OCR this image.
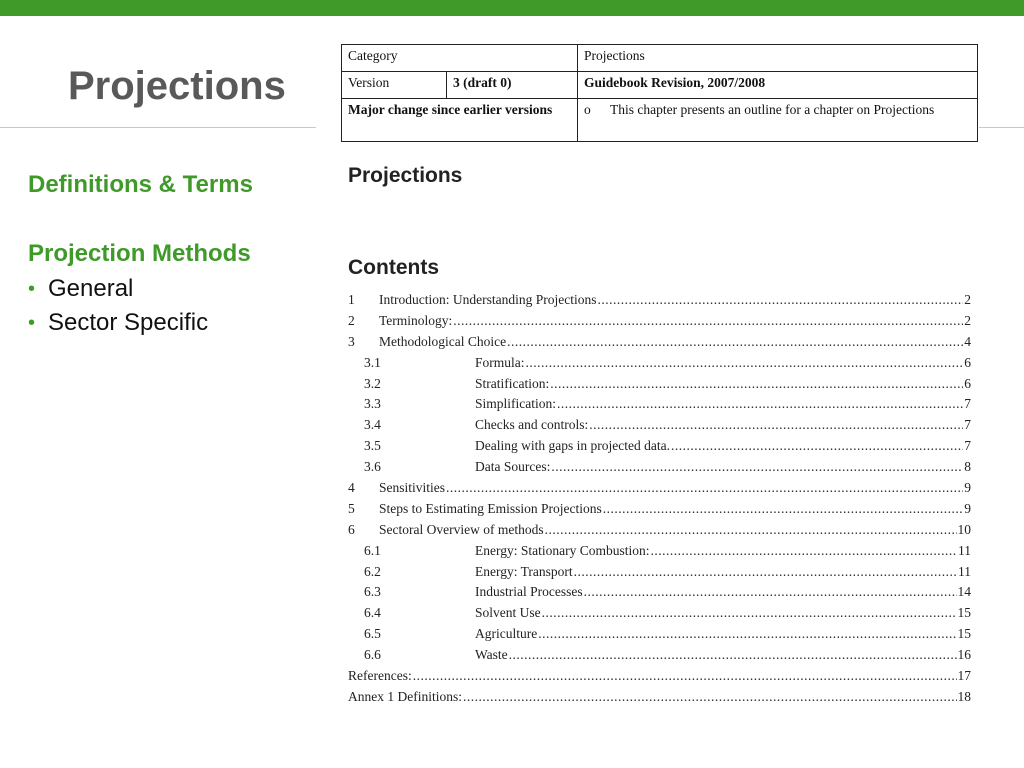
Projections

Definitions & Terms

Projection Methods

• General
• Sector Specific
Category		Projections
Version	3 (draft 0)	Guidebook Revision, 2007/2008
Major change since earlier versions		o This chapter presents an outline for a chapter on Projections
Projections
Contents
1	Introduction: Understanding Projections .....	2
2	Terminology: .....	2
3	Methodological Choice .....	4
3.1	Formula: .....	6
3.2	Stratification: .....	6
3.3	Simplification: .....	7
3.4	Checks and controls: .....	7
3.5	Dealing with gaps in projected data. .....	7
3.6	Data Sources: .....	8
4	Sensitivities .....	9
5	Steps to Estimating Emission Projections .....	9
6	Sectoral Overview of methods .....	10
6.1	Energy: Stationary Combustion: .....	11
6.2	Energy: Transport .....	11
6.3	Industrial Processes .....	14
6.4	Solvent Use .....	15
6.5	Agriculture .....	15
6.6	Waste .....	16
References: .....	17
Annex 1 Definitions: .....	18
